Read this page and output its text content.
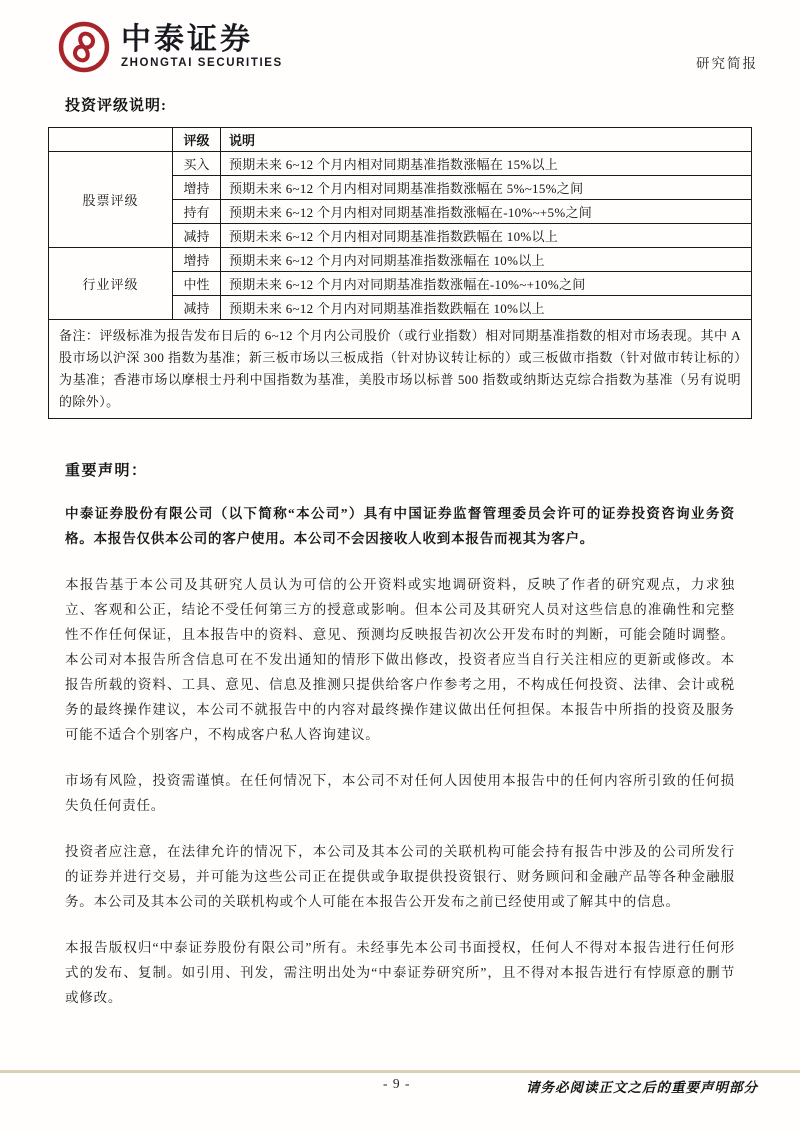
中泰证券
ZHONGTAI SECURITIES	研究简报
投资评级说明:
	评级	说明
股票评级	买入	预期未来 6~12 个月内相对同期基准指数涨幅在 15%以上
	增持	预期未来 6~12 个月内相对同期基准指数涨幅在 5%~15%之间
	持有	预期未来 6~12 个月内相对同期基准指数涨幅在-10%~+5%之间
	减持	预期未来 6~12 个月内相对同期基准指数跌幅在 10%以上
行业评级	增持	预期未来 6~12 个月内对同期基准指数涨幅在 10%以上
	中性	预期未来 6~12 个月内对同期基准指数涨幅在-10%~+10%之间
	减持	预期未来 6~12 个月内对同期基准指数跌幅在 10%以上
备注：评级标准为报告发布日后的 6~12 个月内公司股价（或行业指数）相对同期基准指数的相对市场表现。其中 A 股市场以沪深 300 指数为基准；新三板市场以三板成指（针对协议转让标的）或三板做市指数（针对做市转让标的）为基准；香港市场以摩根士丹利中国指数为基准，美股市场以标普 500 指数或纳斯达克综合指数为基准（另有说明的除外）。		
重要声明：

中泰证券股份有限公司（以下简称“本公司”）具有中国证券监督管理委员会许可的证券投资咨询业务资格。本报告仅供本公司的客户使用。本公司不会因接收人收到本报告而视其为客户。

本报告基于本公司及其研究人员认为可信的公开资料或实地调研资料，反映了作者的研究观点，力求独立、客观和公正，结论不受任何第三方的授意或影响。但本公司及其研究人员对这些信息的准确性和完整性不作任何保证，且本报告中的资料、意见、预测均反映报告初次公开发布时的判断，可能会随时调整。本公司对本报告所含信息可在不发出通知的情形下做出修改，投资者应当自行关注相应的更新或修改。本报告所载的资料、工具、意见、信息及推测只提供给客户作参考之用，不构成任何投资、法律、会计或税务的最终操作建议，本公司不就报告中的内容对最终操作建议做出任何担保。本报告中所指的投资及服务可能不适合个别客户，不构成客户私人咨询建议。

市场有风险，投资需谨慎。在任何情况下，本公司不对任何人因使用本报告中的任何内容所引致的任何损失负任何责任。

投资者应注意，在法律允许的情况下，本公司及其本公司的关联机构可能会持有报告中涉及的公司所发行的证券并进行交易，并可能为这些公司正在提供或争取提供投资银行、财务顾问和金融产品等各种金融服务。本公司及其本公司的关联机构或个人可能在本报告公开发布之前已经使用或了解其中的信息。

本报告版权归“中泰证券股份有限公司”所有。未经事先本公司书面授权，任何人不得对本报告进行任何形式的发布、复制。如引用、刊发，需注明出处为“中泰证券研究所”，且不得对本报告进行有悖原意的删节或修改。

- 9 -	请务必阅读正文之后的重要声明部分
